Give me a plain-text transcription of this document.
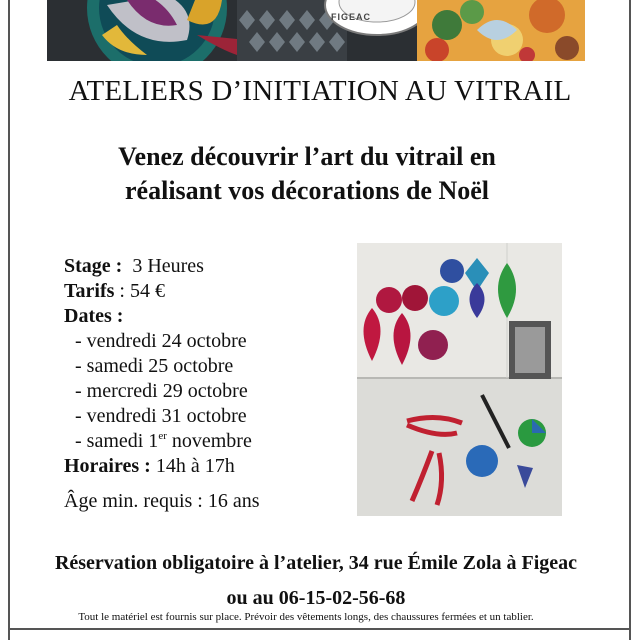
FIGEAC
ATELIERS D’INITIATION AU VITRAIL
Venez découvrir l’art du vitrail en
réalisant vos décorations de Noël
Stage : 3 Heures
Tarifs : 54 €
Dates :
- vendredi 24 octobre
- samedi 25 octobre
- mercredi 29 octobre
- vendredi 31 octobre
- samedi 1er novembre
Horaires : 14h à 17h
Âge min. requis : 16 ans
Réservation obligatoire à l’atelier, 34 rue Émile Zola à Figeac
ou au 06-15-02-56-68
Tout le matériel est fournis sur place. Prévoir des vêtements longs, des chaussures fermées et un tablier.
